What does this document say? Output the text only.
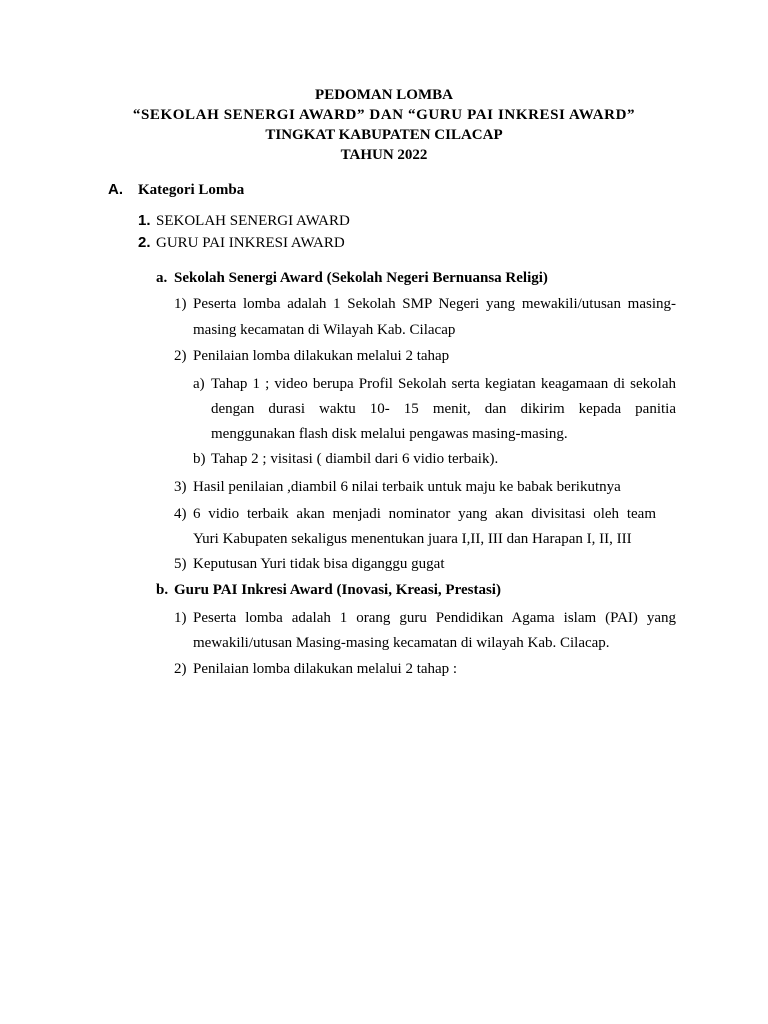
PEDOMAN LOMBA
“SEKOLAH SENERGI AWARD” DAN “GURU PAI INKRESI AWARD”
TINGKAT KABUPATEN CILACAP
TAHUN 2022
A. Kategori Lomba
1. SEKOLAH SENERGI AWARD
2. GURU PAI INKRESI AWARD
a. Sekolah Senergi Award (Sekolah Negeri Bernuansa Religi)
1) Peserta lomba adalah 1 Sekolah SMP Negeri yang mewakili/utusan masing-
masing kecamatan di Wilayah Kab. Cilacap
2) Penilaian lomba dilakukan melalui 2 tahap
a) Tahap 1 ; video berupa Profil Sekolah serta kegiatan keagamaan di sekolah
dengan durasi waktu 10- 15 menit, dan dikirim kepada panitia
menggunakan flash disk melalui pengawas masing-masing.
b) Tahap 2 ; visitasi ( diambil dari 6 vidio terbaik).
3) Hasil penilaian ,diambil 6 nilai terbaik untuk maju ke babak berikutnya
4) 6 vidio terbaik akan menjadi nominator yang akan divisitasi oleh team
Yuri Kabupaten sekaligus menentukan juara I,II, III dan Harapan I, II, III
5) Keputusan Yuri tidak bisa diganggu gugat
b. Guru PAI Inkresi Award (Inovasi, Kreasi, Prestasi)
1) Peserta lomba adalah 1 orang guru Pendidikan Agama islam (PAI) yang
mewakili/utusan Masing-masing kecamatan di wilayah Kab. Cilacap.
2) Penilaian lomba dilakukan melalui 2 tahap :
